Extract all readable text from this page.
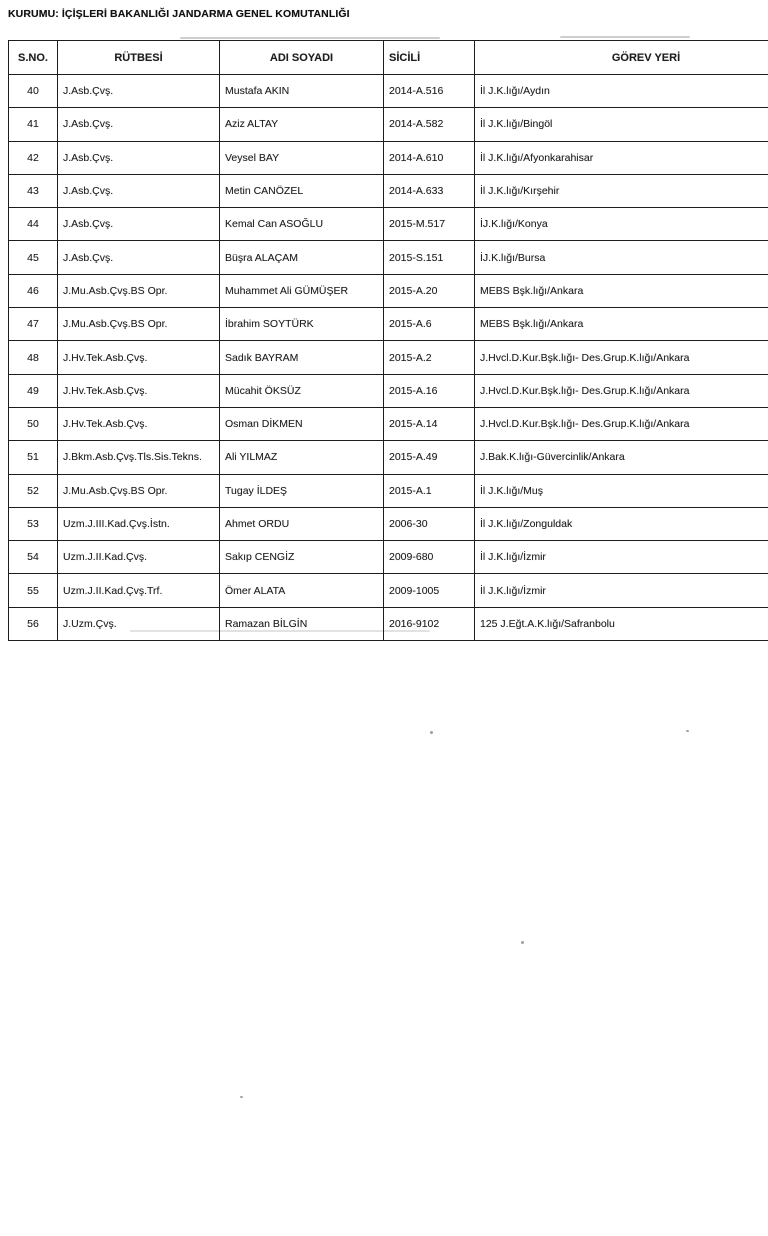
KURUMU: İÇİŞLERİ BAKANLIĞI JANDARMA GENEL KOMUTANLIĞI
S.NO.	RÜTBESİ	ADI SOYADI	SİCİLİ	GÖREV YERİ
40	J.Asb.Çvş.	Mustafa AKIN	2014-A.516	İl J.K.lığı/Aydın
41	J.Asb.Çvş.	Aziz ALTAY	2014-A.582	İl J.K.lığı/Bingöl
42	J.Asb.Çvş.	Veysel BAY	2014-A.610	İl J.K.lığı/Afyonkarahisar
43	J.Asb.Çvş.	Metin CANÖZEL	2014-A.633	İl J.K.lığı/Kırşehir
44	J.Asb.Çvş.	Kemal Can ASOĞLU	2015-M.517	İJ.K.lığı/Konya
45	J.Asb.Çvş.	Büşra ALAÇAM	2015-S.151	İJ.K.lığı/Bursa
46	J.Mu.Asb.Çvş.BS Opr.	Muhammet Ali GÜMÜŞER	2015-A.20	MEBS Bşk.lığı/Ankara
47	J.Mu.Asb.Çvş.BS Opr.	İbrahim SOYTÜRK	2015-A.6	MEBS Bşk.lığı/Ankara
48	J.Hv.Tek.Asb.Çvş.	Sadık BAYRAM	2015-A.2	J.Hvcl.D.Kur.Bşk.lığı- Des.Grup.K.lığı/Ankara
49	J.Hv.Tek.Asb.Çvş.	Mücahit ÖKSÜZ	2015-A.16	J.Hvcl.D.Kur.Bşk.lığı- Des.Grup.K.lığı/Ankara
50	J.Hv.Tek.Asb.Çvş.	Osman DİKMEN	2015-A.14	J.Hvcl.D.Kur.Bşk.lığı- Des.Grup.K.lığı/Ankara
51	J.Bkm.Asb.Çvş.Tls.Sis.Tekns.	Ali YILMAZ	2015-A.49	J.Bak.K.lığı-Güvercinlik/Ankara
52	J.Mu.Asb.Çvş.BS Opr.	Tugay İLDEŞ	2015-A.1	İl J.K.lığı/Muş
53	Uzm.J.III.Kad.Çvş.İstn.	Ahmet ORDU	2006-30	İl J.K.lığı/Zonguldak
54	Uzm.J.II.Kad.Çvş.	Sakıp CENGİZ	2009-680	İl J.K.lığı/İzmir
55	Uzm.J.II.Kad.Çvş.Trf.	Ömer ALATA	2009-1005	İl J.K.lığı/İzmir
56	J.Uzm.Çvş.	Ramazan BİLGİN	2016-9102	125 J.Eğt.A.K.lığı/Safranbolu
